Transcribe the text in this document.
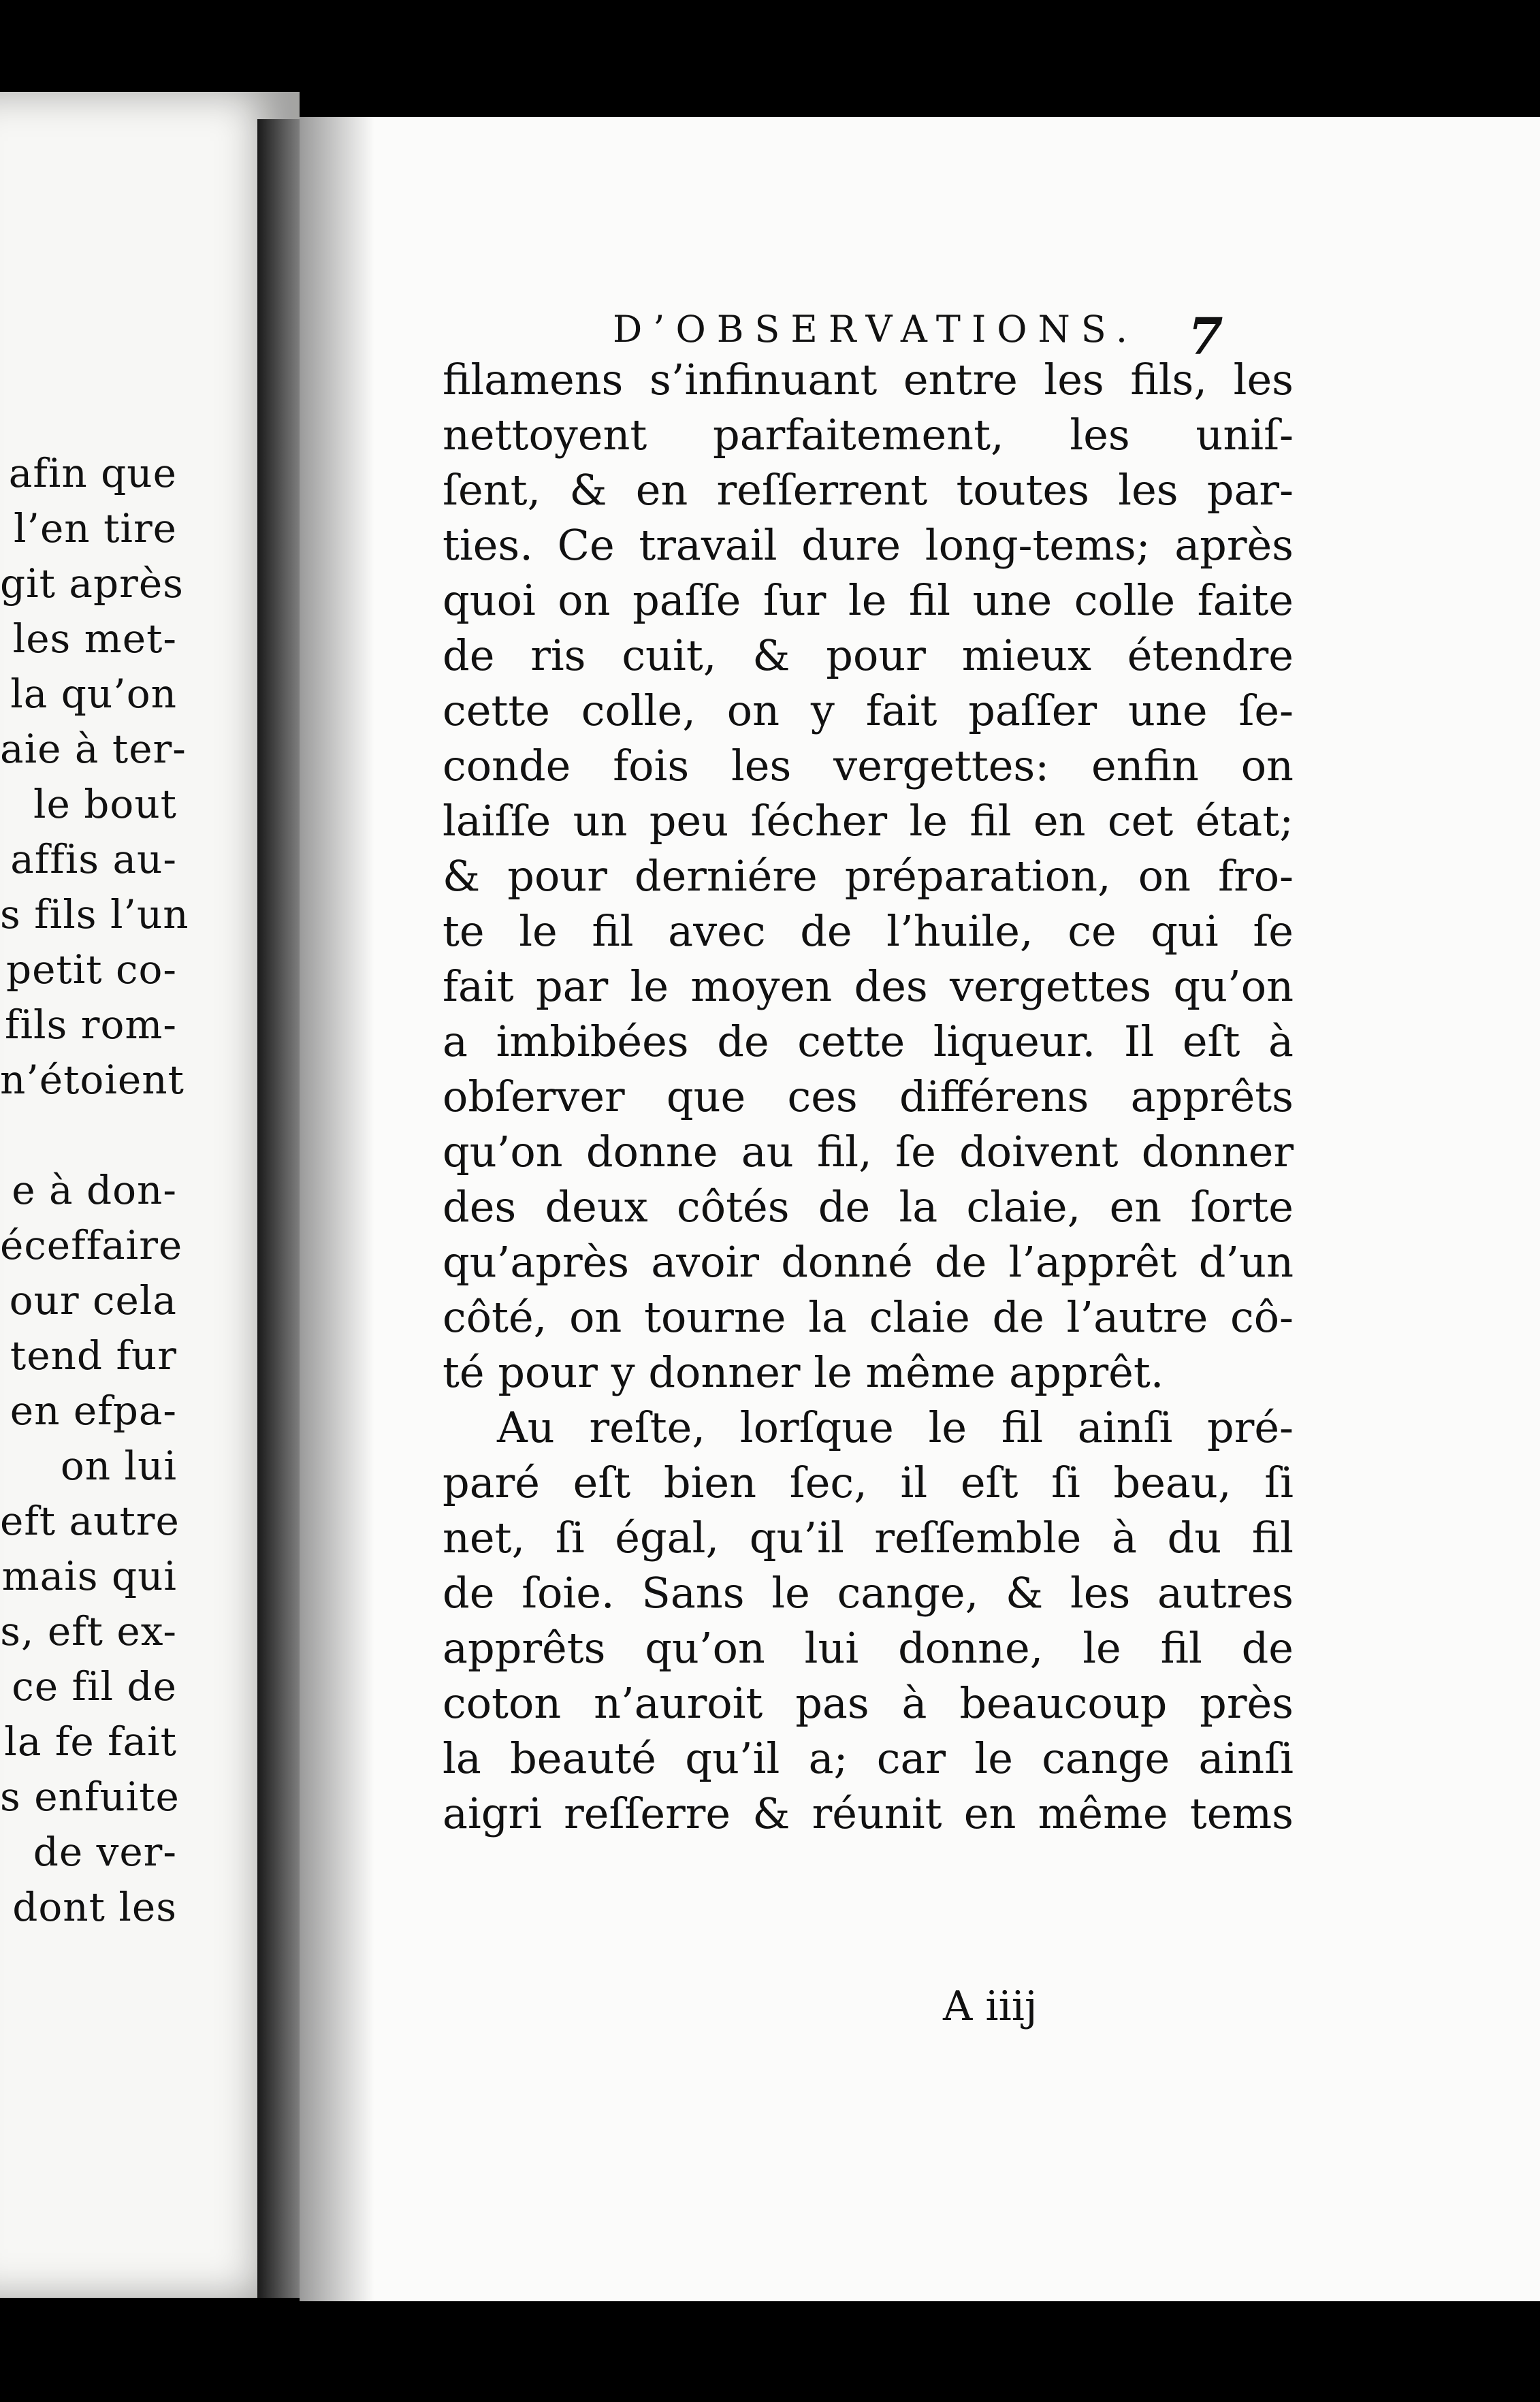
afin que
l’en tire
git après
les met-
la qu’on
aie à ter-
le bout
affis au-
s fils l’un
petit co-
fils rom-
n’étoient
e à don-
éceffaire
our cela
tend fur
en efpa-
on lui
eft autre
mais qui
s, eft ex-
ce fil de
la fe fait
s enfuite
de ver-
dont les
D’OBSERVATIONS. 7
filamens s’infinuant entre les fils, les
nettoyent parfaitement, les uniſ-
ſent, & en reſſerrent toutes les par-
ties. Ce travail dure long-tems; après
quoi on paſſe ſur le fil une colle faite
de ris cuit, & pour mieux étendre
cette colle, on y fait paſſer une ſe-
conde fois les vergettes: enfin on
laiſſe un peu ſécher le fil en cet état;
& pour derniére préparation, on fro-
te le fil avec de l’huile, ce qui ſe
fait par le moyen des vergettes qu’on
a imbibées de cette liqueur. Il eſt à
obſerver que ces différens apprêts
qu’on donne au fil, ſe doivent donner
des deux côtés de la claie, en ſorte
qu’après avoir donné de l’apprêt d’un
côté, on tourne la claie de l’autre cô-
té pour y donner le même apprêt.
Au reſte, lorſque le fil ainſi pré-
paré eſt bien ſec, il eſt ſi beau, ſi
net, ſi égal, qu’il reſſemble à du fil
de ſoie. Sans le cange, & les autres
apprêts qu’on lui donne, le fil de
coton n’auroit pas à beaucoup près
la beauté qu’il a; car le cange ainſi
aigri reſſerre & réunit en même tems
A iiij
